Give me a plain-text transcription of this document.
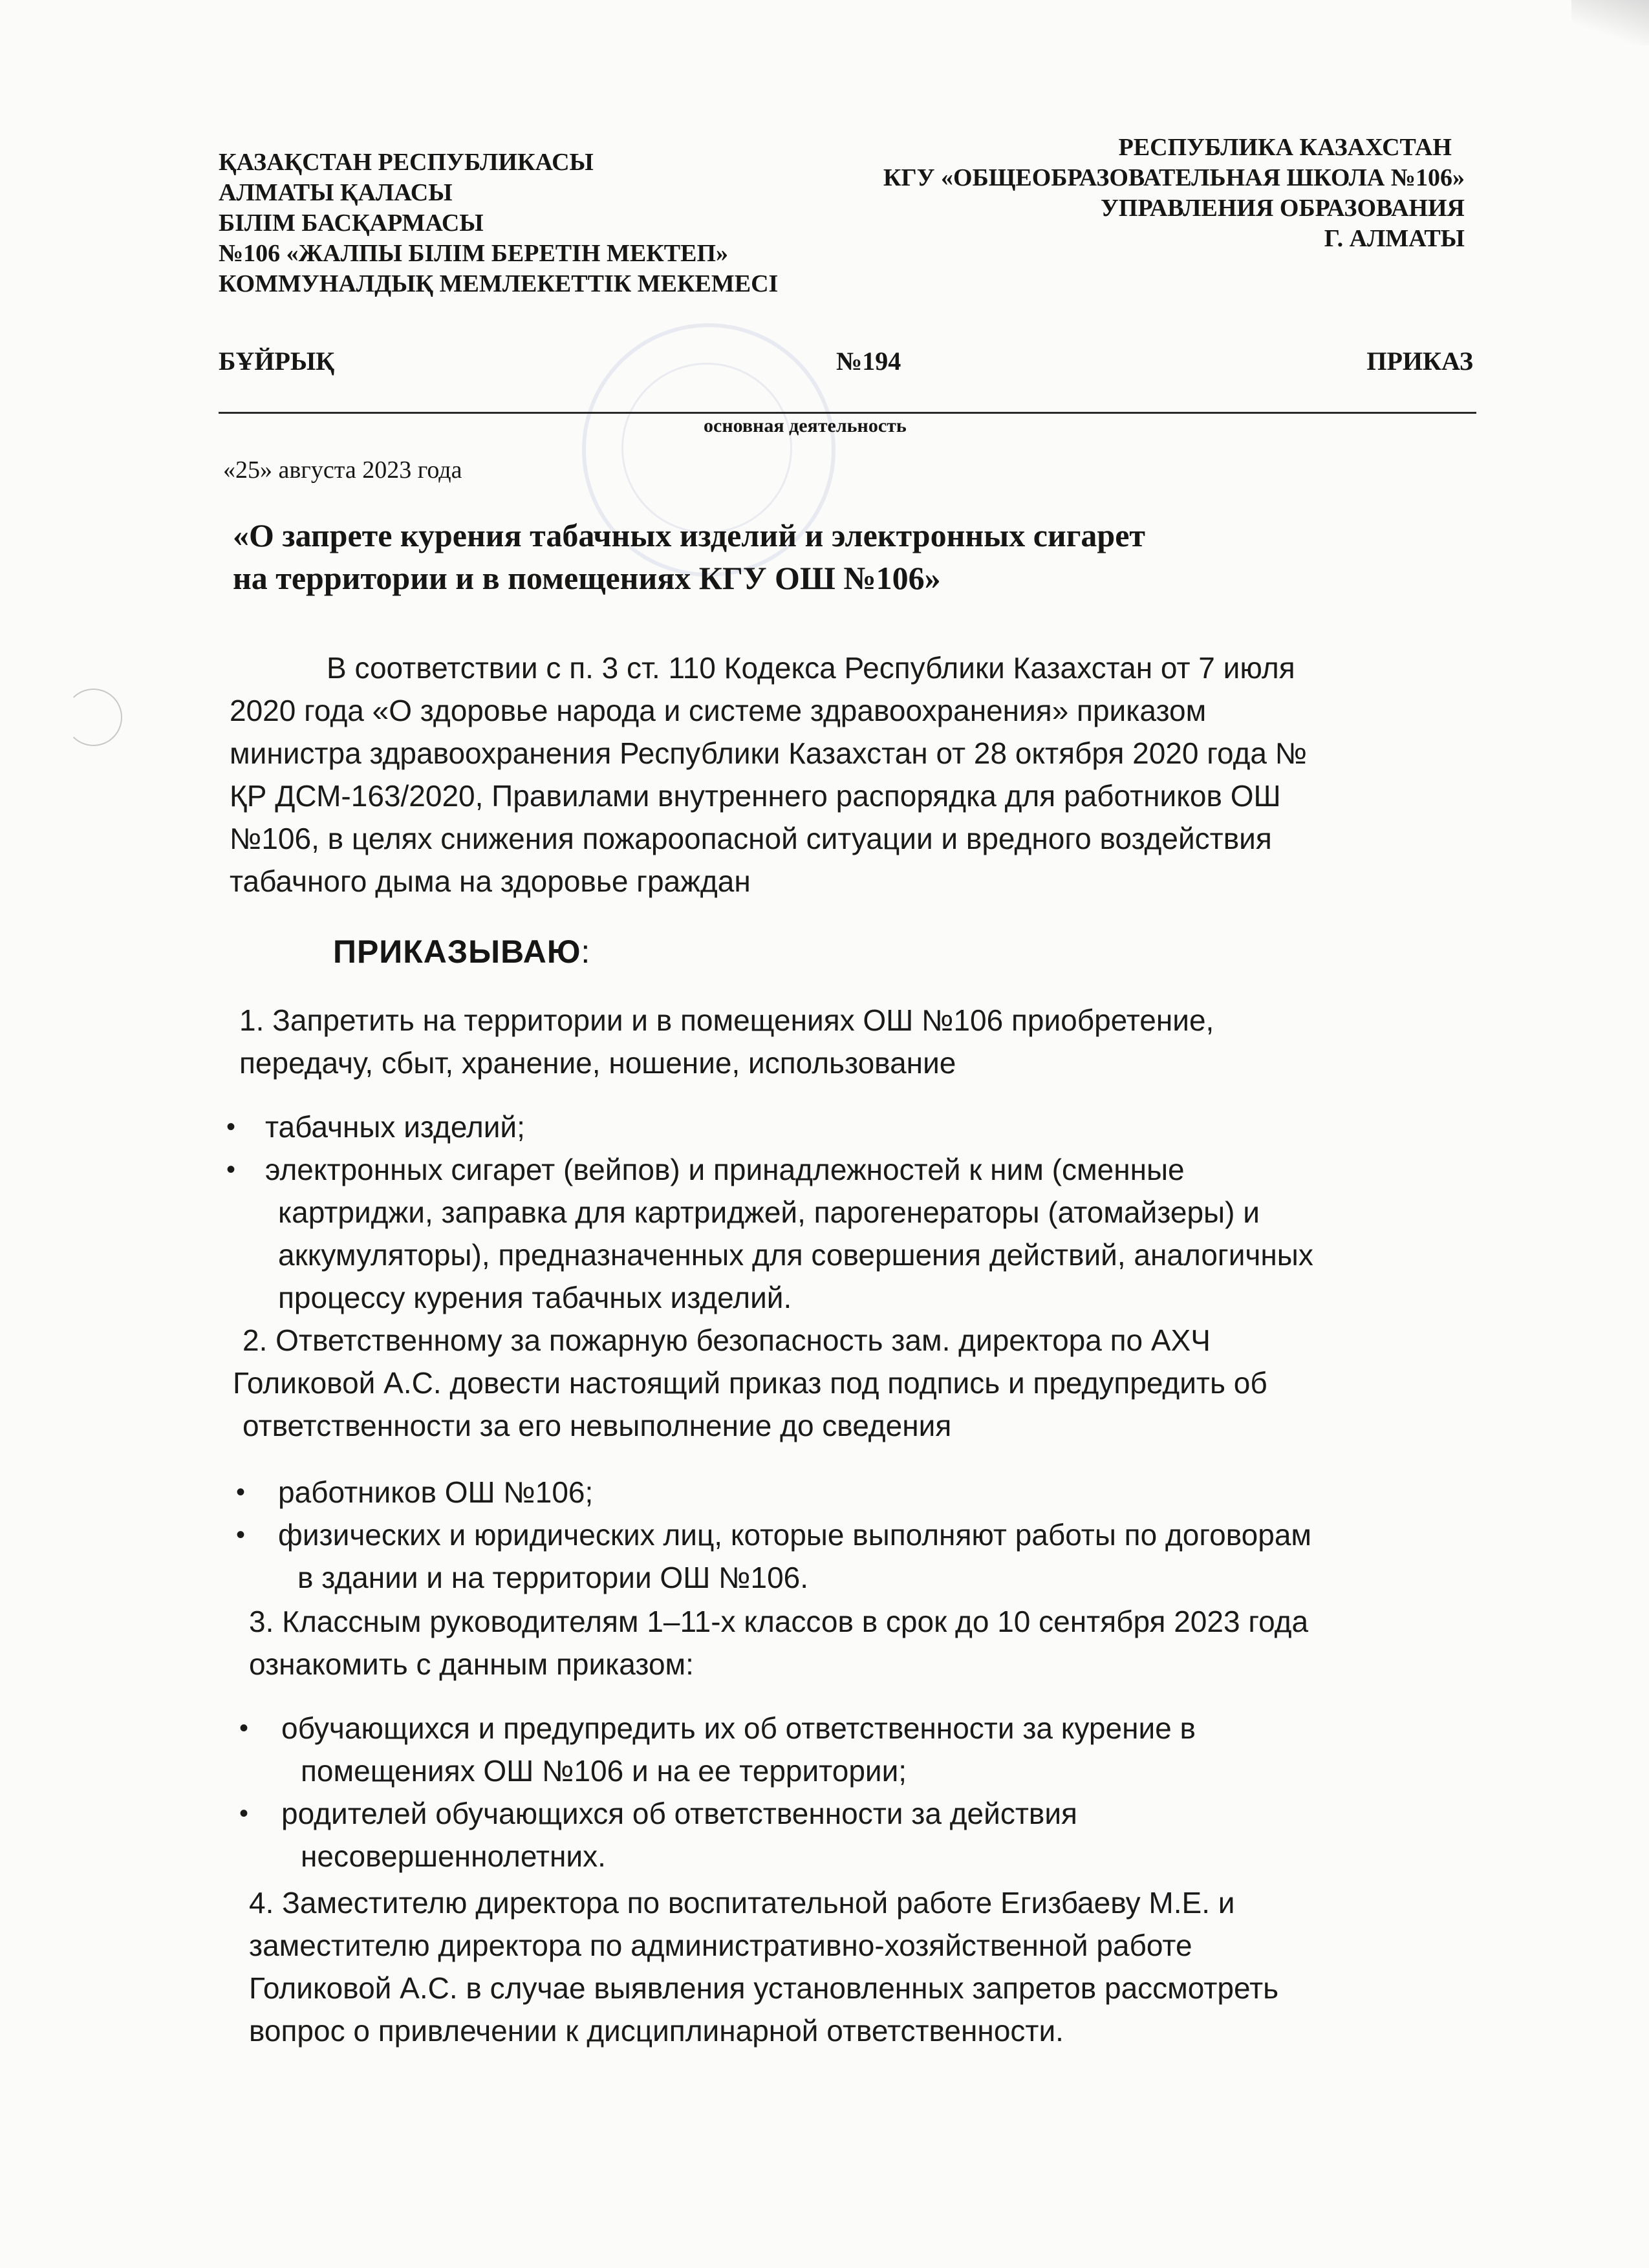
ҚАЗАҚСТАН РЕСПУБЛИКАСЫ
АЛМАТЫ ҚАЛАСЫ
БІЛІМ БАСҚАРМАСЫ
№106 «ЖАЛПЫ БІЛІМ БЕРЕТІН МЕКТЕП»
КОММУНАЛДЫҚ МЕМЛЕКЕТТІК МЕКЕМЕСІ
РЕСПУБЛИКА КАЗАХСТАН
КГУ «ОБЩЕОБРАЗОВАТЕЛЬНАЯ ШКОЛА №106»
УПРАВЛЕНИЯ ОБРАЗОВАНИЯ
Г. АЛМАТЫ
БҰЙРЫҚ	№194	ПРИКАЗ
основная деятельность
«25» августа 2023 года
«О запрете курения табачных изделий и электронных сигарет
на территории и в помещениях КГУ ОШ №106»
В соответствии с п. 3 ст. 110 Кодекса Республики Казахстан от 7 июля
2020 года «О здоровье народа и системе здравоохранения» приказом
министра здравоохранения Республики Казахстан от 28 октября 2020 года №
ҚР ДСМ-163/2020, Правилами внутреннего распорядка для работников ОШ
№106, в целях снижения пожароопасной ситуации и вредного воздействия
табачного дыма на здоровье граждан
ПРИКАЗЫВАЮ:
1. Запретить на территории и в помещениях ОШ №106 приобретение,
передачу, сбыт, хранение, ношение, использование
• табачных изделий;
• электронных сигарет (вейпов) и принадлежностей к ним (сменные
картриджи, заправка для картриджей, парогенераторы (атомайзеры) и
аккумуляторы), предназначенных для совершения действий, аналогичных
процессу курения табачных изделий.
2. Ответственному за пожарную безопасность зам. директора по АХЧ
Голиковой А.С. довести настоящий приказ под подпись и предупредить об
ответственности за его невыполнение до сведения
• работников ОШ №106;
• физических и юридических лиц, которые выполняют работы по договорам
в здании и на территории ОШ №106.
3. Классным руководителям 1–11-х классов в срок до 10 сентября 2023 года
ознакомить с данным приказом:
• обучающихся и предупредить их об ответственности за курение в
помещениях ОШ №106 и на ее территории;
• родителей обучающихся об ответственности за действия
несовершеннолетних.
4. Заместителю директора по воспитательной работе Егизбаеву М.Е. и
заместителю директора по административно-хозяйственной работе
Голиковой А.С. в случае выявления установленных запретов рассмотреть
вопрос о привлечении к дисциплинарной ответственности.
